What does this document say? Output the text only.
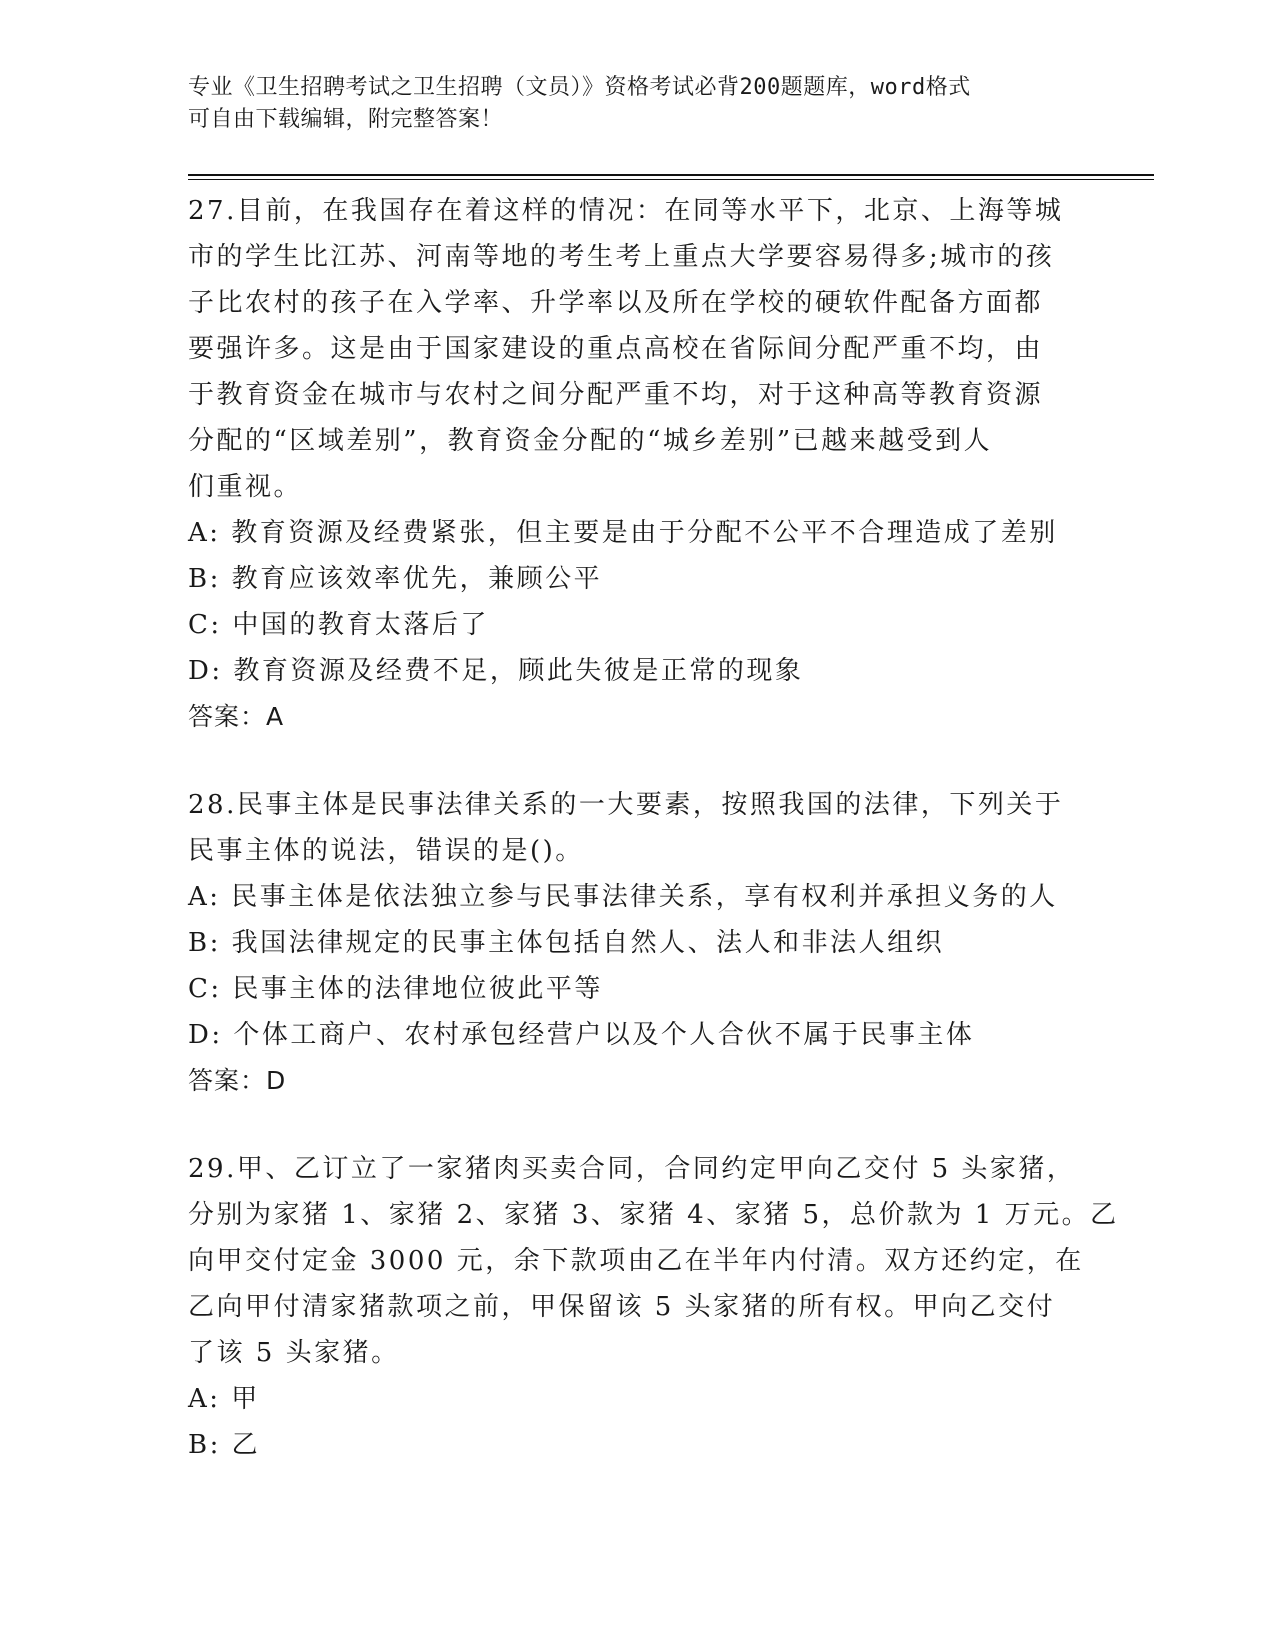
专业《卫生招聘考试之卫生招聘（文员）》资格考试必背200题题库，word格式
可自由下载编辑，附完整答案！
27.目前，在我国存在着这样的情况：在同等水平下，北京、上海等城
市的学生比江苏、河南等地的考生考上重点大学要容易得多;城市的孩
子比农村的孩子在入学率、升学率以及所在学校的硬软件配备方面都
要强许多。这是由于国家建设的重点高校在省际间分配严重不均，由
于教育资金在城市与农村之间分配严重不均，对于这种高等教育资源
分配的“区域差别”，教育资金分配的“城乡差别”已越来越受到人
们重视。
A: 教育资源及经费紧张，但主要是由于分配不公平不合理造成了差别
B: 教育应该效率优先，兼顾公平
C: 中国的教育太落后了
D: 教育资源及经费不足，顾此失彼是正常的现象
答案：A
28.民事主体是民事法律关系的一大要素，按照我国的法律，下列关于
民事主体的说法，错误的是()。
A: 民事主体是依法独立参与民事法律关系，享有权利并承担义务的人
B: 我国法律规定的民事主体包括自然人、法人和非法人组织
C: 民事主体的法律地位彼此平等
D: 个体工商户、农村承包经营户以及个人合伙不属于民事主体
答案：D
29.甲、乙订立了一家猪肉买卖合同，合同约定甲向乙交付 5 头家猪，
分别为家猪 1、家猪 2、家猪 3、家猪 4、家猪 5，总价款为 1 万元。乙
向甲交付定金 3000 元，余下款项由乙在半年内付清。双方还约定，在
乙向甲付清家猪款项之前，甲保留该 5 头家猪的所有权。甲向乙交付
了该 5 头家猪。
A: 甲
B: 乙
